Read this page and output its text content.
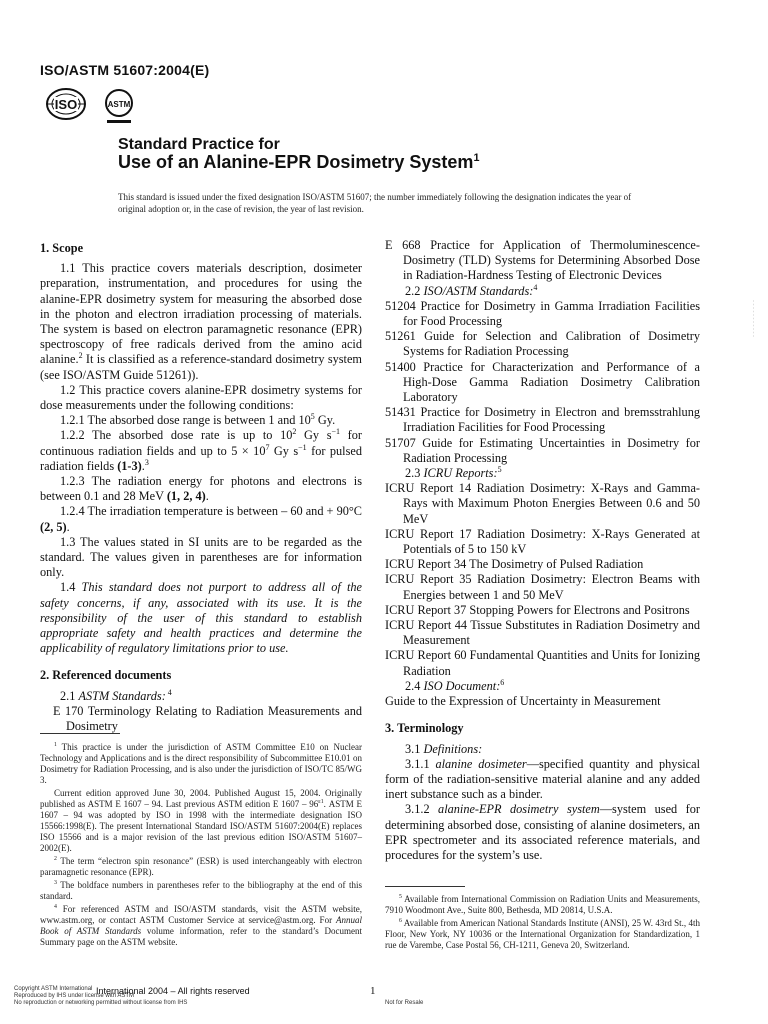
ISO/ASTM 51607:2004(E)
ISO	ASTM
Standard Practice for
Use of an Alanine-EPR Dosimetry System$^1$
This standard is issued under the fixed designation ISO/ASTM 51607; the number immediately following the designation indicates the year of original adoption or, in the case of revision, the year of last revision.

1. Scope

1.1 This practice covers materials description, dosimeter preparation, instrumentation, and procedures for using the alanine-EPR dosimetry system for measuring the absorbed dose in the photon and electron irradiation processing of materials. The system is based on electron paramagnetic resonance (EPR) spectroscopy of free radicals derived from the amino acid alanine.$^2$ It is classified as a reference-standard dosimetry system (see ISO/ASTM Guide 51261)).

1.2 This practice covers alanine-EPR dosimetry systems for dose measurements under the following conditions:

1.2.1 The absorbed dose range is between 1 and $10^5$ Gy.

1.2.2 The absorbed dose rate is up to $10^2$ Gy $s^{-1}$ for continuous radiation fields and up to $5 \times 10^7$ Gy $s^{-1}$ for pulsed radiation fields (1-3).$^3$

1.2.3 The radiation energy for photons and electrons is between 0.1 and 28 MeV (1, 2, 4).

1.2.4 The irradiation temperature is between – 60 and + 90°C (2, 5).

1.3 The values stated in SI units are to be regarded as the standard. The values given in parentheses are for information only.

1.4 This standard does not purport to address all of the safety concerns, if any, associated with its use. It is the responsibility of the user of this standard to establish appropriate safety and health practices and determine the applicability of regulatory limitations prior to use.

2. Referenced documents

2.1 ASTM Standards: $^4$

E 170 Terminology Relating to Radiation Measurements and Dosimetry

$^1$ This practice is under the jurisdiction of ASTM Committee E10 on Nuclear Technology and Applications and is the direct responsibility of Subcommittee E10.01 on Dosimetry for Radiation Processing, and is also under the jurisdiction of ISO/TC 85/WG 3.

Current edition approved June 30, 2004. Published August 15, 2004. Originally published as ASTM E 1607 – 94. Last previous ASTM edition E $1607 - 96^{\varepsilon 1}$. ASTM E 1607 – 94 was adopted by ISO in 1998 with the intermediate designation ISO 15566:1998(E). The present International Standard ISO/ASTM 51607:2004(E) replaces ISO 15566 and is a major revision of the last previous edition ISO/ASTM 51607–2002(E).

$^2$ The term “electron spin resonance” (ESR) is used interchangeably with electron paramagnetic resonance (EPR).

$^3$ The boldface numbers in parentheses refer to the bibliography at the end of this standard.

$^4$ For referenced ASTM and ISO/ASTM standards, visit the ASTM website, www.astm.org, or contact ASTM Customer Service at service@astm.org. For Annual Book of ASTM Standards volume information, refer to the standard’s Document Summary page on the ASTM website.

E 668 Practice for Application of Thermoluminescence-Dosimetry (TLD) Systems for Determining Absorbed Dose in Radiation-Hardness Testing of Electronic Devices

2.2 ISO/ASTM Standards:$^4$

51204 Practice for Dosimetry in Gamma Irradiation Facilities for Food Processing

51261 Guide for Selection and Calibration of Dosimetry Systems for Radiation Processing

51400 Practice for Characterization and Performance of a High-Dose Gamma Radiation Dosimetry Calibration Laboratory

51431 Practice for Dosimetry in Electron and bremsstrahlung Irradiation Facilities for Food Processing

51707 Guide for Estimating Uncertainties in Dosimetry for Radiation Processing

2.3 ICRU Reports:$^5$

ICRU Report 14 Radiation Dosimetry: X-Rays and Gamma-Rays with Maximum Photon Energies Between 0.6 and 50 MeV

ICRU Report 17 Radiation Dosimetry: X-Rays Generated at Potentials of 5 to 150 kV

ICRU Report 34 The Dosimetry of Pulsed Radiation

ICRU Report 35 Radiation Dosimetry: Electron Beams with Energies between 1 and 50 MeV

ICRU Report 37 Stopping Powers for Electrons and Positrons

ICRU Report 44 Tissue Substitutes in Radiation Dosimetry and Measurement

ICRU Report 60 Fundamental Quantities and Units for Ionizing Radiation

2.4 ISO Document:$^6$

Guide to the Expression of Uncertainty in Measurement

3. Terminology

3.1 Definitions:

3.1.1 alanine dosimeter—specified quantity and physical form of the radiation-sensitive material alanine and any added inert substance such as a binder.

3.1.2 alanine-EPR dosimetry system—system used for determining absorbed dose, consisting of alanine dosimeters, an EPR spectrometer and its associated reference materials, and procedures for the system’s use.

$^5$ Available from International Commission on Radiation Units and Measurements, 7910 Woodmont Ave., Suite 800, Bethesda, MD 20814, U.S.A.

$^6$ Available from American National Standards Institute (ANSI), 25 W. 43rd St., 4th Floor, New York, NY 10036 or the International Organization for Standardization, 1 rue de Varembe, Case Postal 56, CH-1211, Geneva 20, Switzerland.

Copyright ASTM International
Reproduced by IHS under license with ASTM
No reproduction or networking permitted without license from IHS
International 2004 – All rights reserved	1
Not for Resale
- - - - - - - - - - -
